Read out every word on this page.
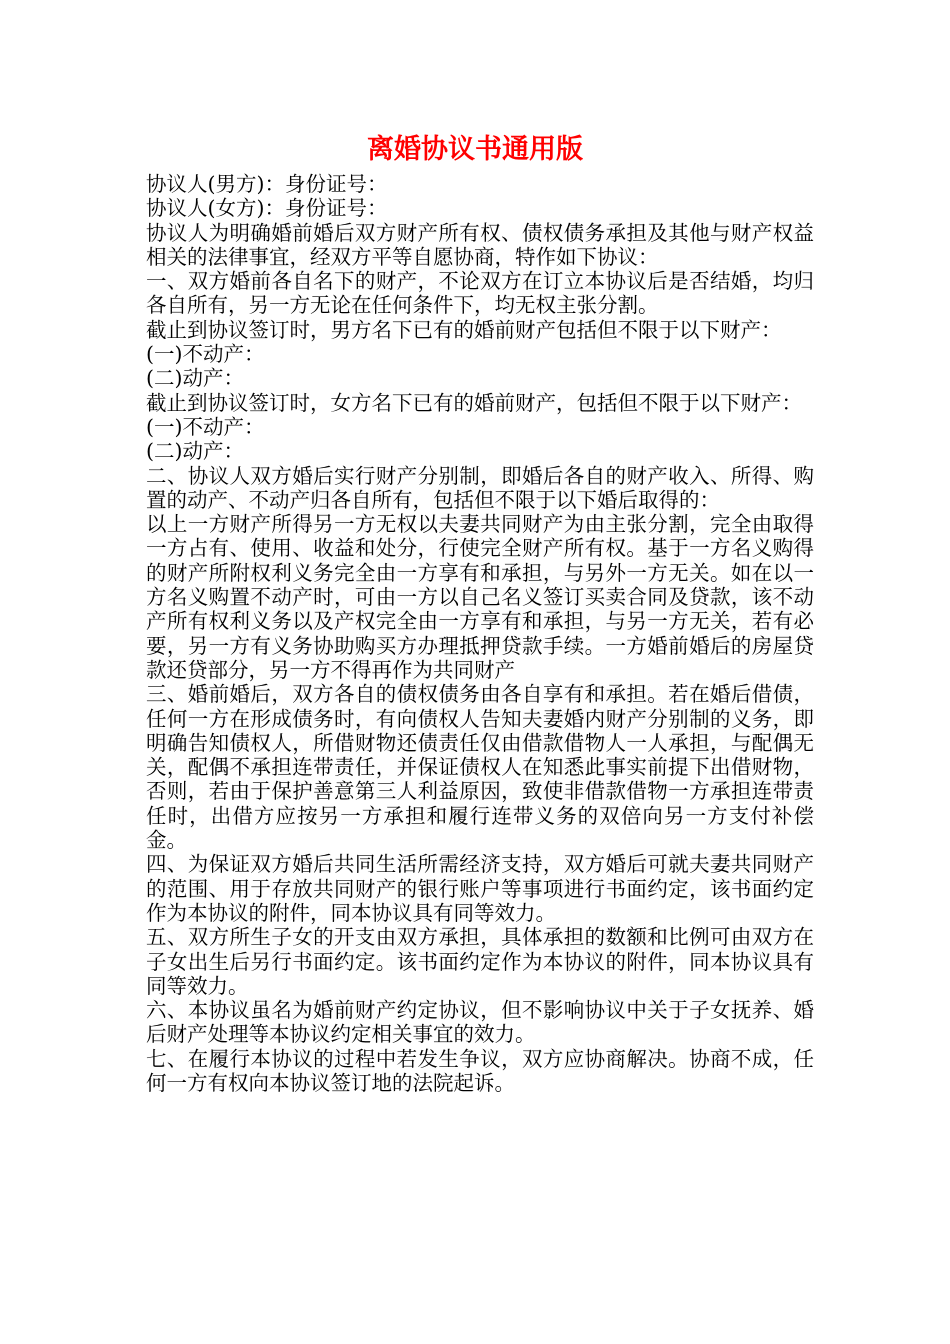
离婚协议书通用版

协议人(男方)：身份证号：

协议人(女方)：身份证号：

协议人为明确婚前婚后双方财产所有权、债权债务承担及其他与财产权益相关的法律事宜，经双方平等自愿协商，特作如下协议：

一、双方婚前各自名下的财产，不论双方在订立本协议后是否结婚，均归各自所有，另一方无论在任何条件下，均无权主张分割。

截止到协议签订时，男方名下已有的婚前财产包括但不限于以下财产：

(一)不动产：

(二)动产：

截止到协议签订时，女方名下已有的婚前财产，包括但不限于以下财产：

(一)不动产：

(二)动产：

二、协议人双方婚后实行财产分别制，即婚后各自的财产收入、所得、购置的动产、不动产归各自所有，包括但不限于以下婚后取得的：

以上一方财产所得另一方无权以夫妻共同财产为由主张分割，完全由取得一方占有、使用、收益和处分，行使完全财产所有权。基于一方名义购得的财产所附权利义务完全由一方享有和承担，与另外一方无关。如在以一方名义购置不动产时，可由一方以自己名义签订买卖合同及贷款，该不动产所有权利义务以及产权完全由一方享有和承担，与另一方无关，若有必要，另一方有义务协助购买方办理抵押贷款手续。一方婚前婚后的房屋贷款还贷部分，另一方不得再作为共同财产

三、婚前婚后，双方各自的债权债务由各自享有和承担。若在婚后借债，任何一方在形成债务时，有向债权人告知夫妻婚内财产分别制的义务，即明确告知债权人，所借财物还债责任仅由借款借物人一人承担，与配偶无关，配偶不承担连带责任，并保证债权人在知悉此事实前提下出借财物，否则，若由于保护善意第三人利益原因，致使非借款借物一方承担连带责任时，出借方应按另一方承担和履行连带义务的双倍向另一方支付补偿金。

四、为保证双方婚后共同生活所需经济支持，双方婚后可就夫妻共同财产的范围、用于存放共同财产的银行账户等事项进行书面约定，该书面约定作为本协议的附件，同本协议具有同等效力。

五、双方所生子女的开支由双方承担，具体承担的数额和比例可由双方在子女出生后另行书面约定。该书面约定作为本协议的附件，同本协议具有同等效力。

六、本协议虽名为婚前财产约定协议，但不影响协议中关于子女抚养、婚后财产处理等本协议约定相关事宜的效力。

七、在履行本协议的过程中若发生争议，双方应协商解决。协商不成，任何一方有权向本协议签订地的法院起诉。
